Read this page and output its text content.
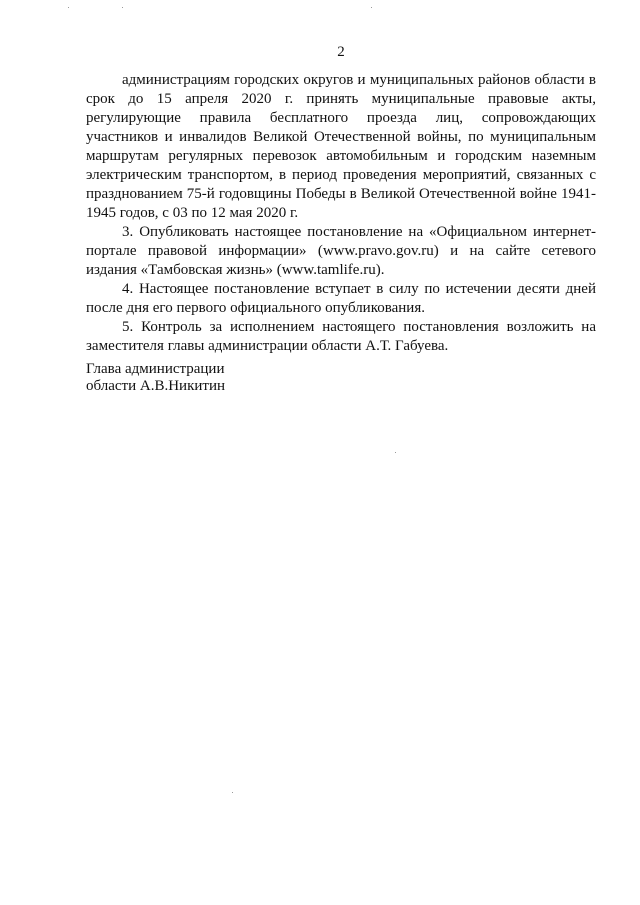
2

администрациям городских округов и муниципальных районов области в срок до 15 апреля 2020 г. принять муниципальные правовые акты, регулирующие правила бесплатного проезда лиц, сопровождающих участников и инвалидов Великой Отечественной войны, по муниципальным маршрутам регулярных перевозок автомобильным и городским наземным электрическим транспортом, в период проведения мероприятий, связанных с празднованием 75-й годовщины Победы в Великой Отечественной войне 1941-1945 годов, с 03 по 12 мая 2020 г.

3. Опубликовать настоящее постановление на «Официальном интернет-портале правовой информации» (www.pravo.gov.ru) и на сайте сетевого издания «Тамбовская жизнь» (www.tamlife.ru).

4. Настоящее постановление вступает в силу по истечении десяти дней после дня его первого официального опубликования.

5. Контроль за исполнением настоящего постановления возложить на заместителя главы администрации области А.Т. Габуева.

Глава администрации
области А.В.Никитин
